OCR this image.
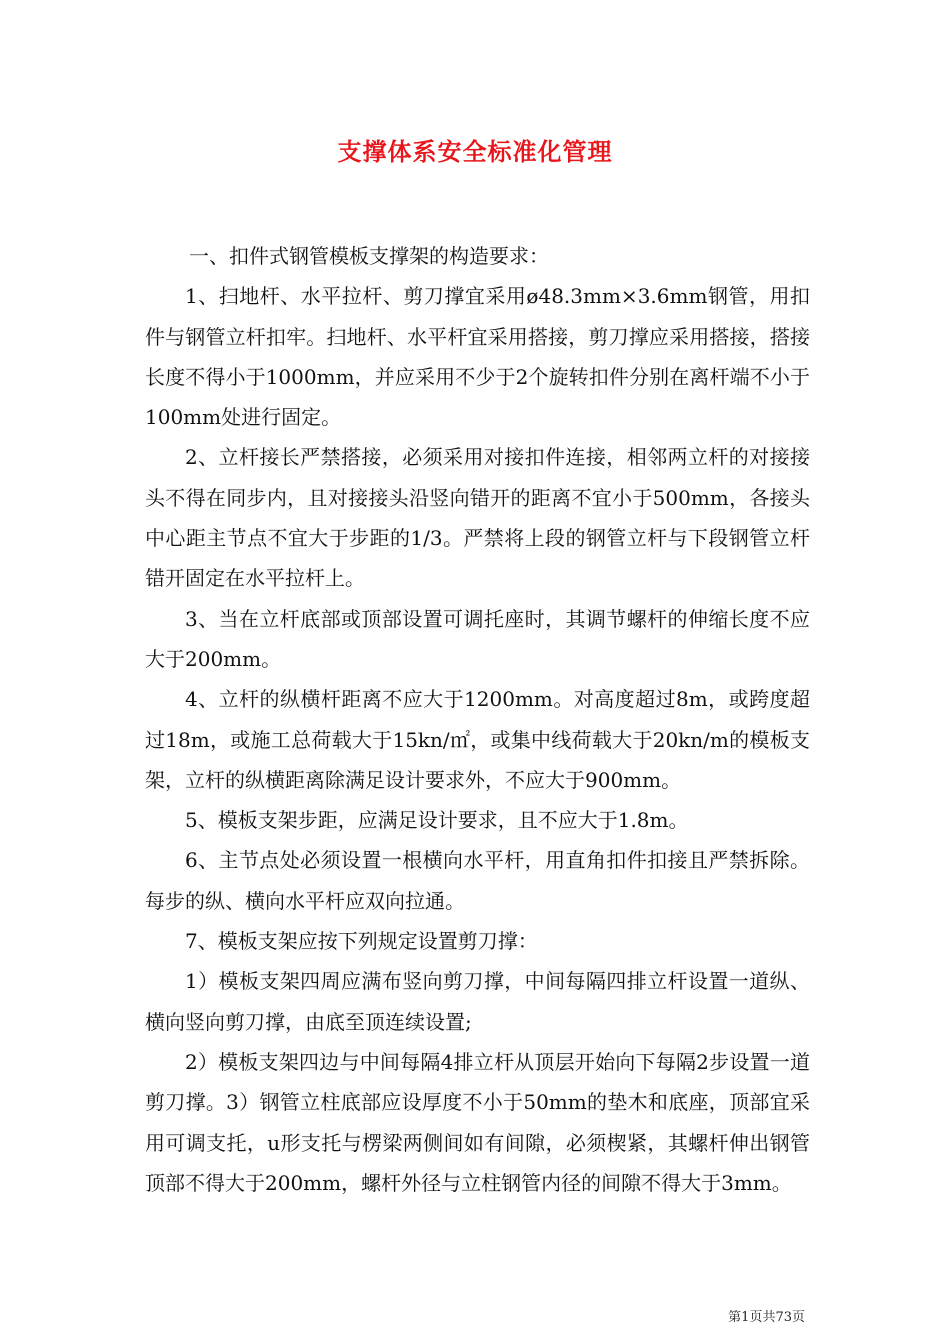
支撑体系安全标准化管理

一、扣件式钢管模板支撑架的构造要求：

1、扫地杆、水平拉杆、剪刀撑宜采用ø48.3mm×3.6mm钢管，用扣件与钢管立杆扣牢。扫地杆、水平杆宜采用搭接，剪刀撑应采用搭接，搭接长度不得小于1000mm，并应采用不少于2个旋转扣件分别在离杆端不小于100mm处进行固定。

2、立杆接长严禁搭接，必须采用对接扣件连接，相邻两立杆的对接接头不得在同步内，且对接接头沿竖向错开的距离不宜小于500mm，各接头中心距主节点不宜大于步距的1/3。严禁将上段的钢管立杆与下段钢管立杆错开固定在水平拉杆上。

3、当在立杆底部或顶部设置可调托座时，其调节螺杆的伸缩长度不应大于200mm。

4、立杆的纵横杆距离不应大于1200mm。对高度超过8m，或跨度超过18m，或施工总荷载大于15kn/㎡，或集中线荷载大于20kn/m的模板支架，立杆的纵横距离除满足设计要求外，不应大于900mm。

5、模板支架步距，应满足设计要求，且不应大于1.8m。

6、主节点处必须设置一根横向水平杆，用直角扣件扣接且严禁拆除。每步的纵、横向水平杆应双向拉通。

7、模板支架应按下列规定设置剪刀撑：

1）模板支架四周应满布竖向剪刀撑，中间每隔四排立杆设置一道纵、横向竖向剪刀撑，由底至顶连续设置;

2）模板支架四边与中间每隔4排立杆从顶层开始向下每隔2步设置一道剪刀撑。3）钢管立柱底部应设厚度不小于50mm的垫木和底座，顶部宜采用可调支托，u形支托与楞梁两侧间如有间隙，必须楔紧，其螺杆伸出钢管顶部不得大于200mm，螺杆外径与立柱钢管内径的间隙不得大于3mm。

第1页共73页
